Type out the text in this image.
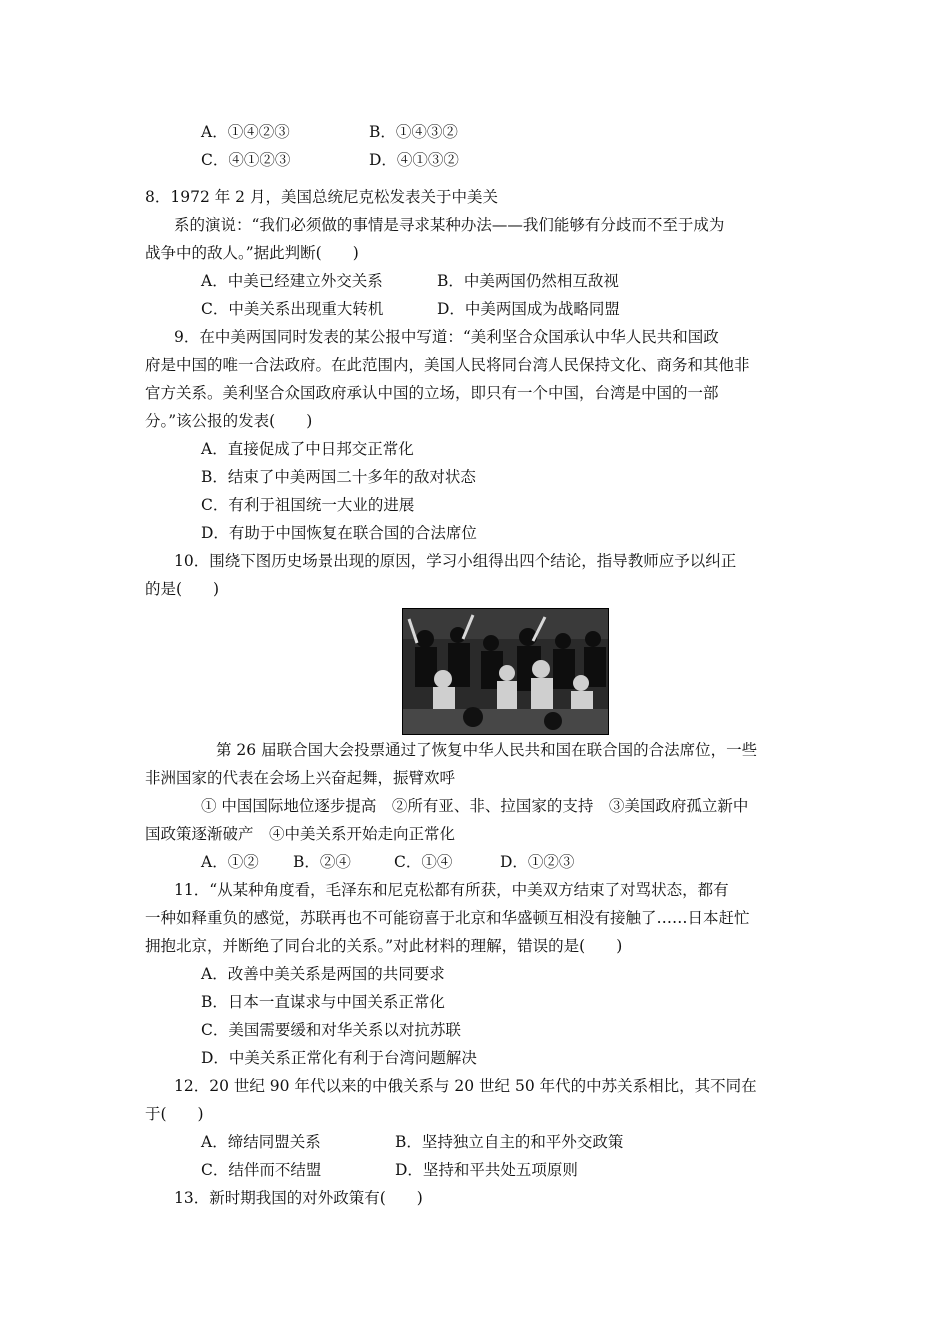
A．①④②③	B．①④③②
C．④①②③	D．④①③②
8．1972 年 2 月，美国总统尼克松发表关于中美关
系的演说：“我们必须做的事情是寻求某种办法——我们能够有分歧而不至于成为
战争中的敌人。”据此判断(　　)
A．中美已经建立外交关系	B．中美两国仍然相互敌视
C．中美关系出现重大转机	D．中美两国成为战略同盟
9．在中美两国同时发表的某公报中写道：“美利坚合众国承认中华人民共和国政
府是中国的唯一合法政府。在此范围内，美国人民将同台湾人民保持文化、商务和其他非
官方关系。美利坚合众国政府承认中国的立场，即只有一个中国，台湾是中国的一部
分。”该公报的发表(　　)
A．直接促成了中日邦交正常化
B．结束了中美两国二十多年的敌对状态
C．有利于祖国统一大业的进展
D．有助于中国恢复在联合国的合法席位
10．围绕下图历史场景出现的原因，学习小组得出四个结论，指导教师应予以纠正
的是(　　)
第 26 届联合国大会投票通过了恢复中华人民共和国在联合国的合法席位，一些
非洲国家的代表在会场上兴奋起舞，振臂欢呼
① 中国国际地位逐步提高　②所有亚、非、拉国家的支持　③美国政府孤立新中
国政策逐渐破产　④中美关系开始走向正常化
A．①② B．②④	C．①④	D．①②③
11．“从某种角度看，毛泽东和尼克松都有所获，中美双方结束了对骂状态，都有
一种如释重负的感觉，苏联再也不可能窃喜于北京和华盛顿互相没有接触了……日本赶忙
拥抱北京，并断绝了同台北的关系。”对此材料的理解，错误的是(　　)
A．改善中美关系是两国的共同要求
B．日本一直谋求与中国关系正常化
C．美国需要缓和对华关系以对抗苏联
D．中美关系正常化有利于台湾问题解决
12．20 世纪 90 年代以来的中俄关系与 20 世纪 50 年代的中苏关系相比，其不同在
于(　　)
A．缔结同盟关系	B．坚持独立自主的和平外交政策
C．结伴而不结盟	D．坚持和平共处五项原则
13．新时期我国的对外政策有(　　)
